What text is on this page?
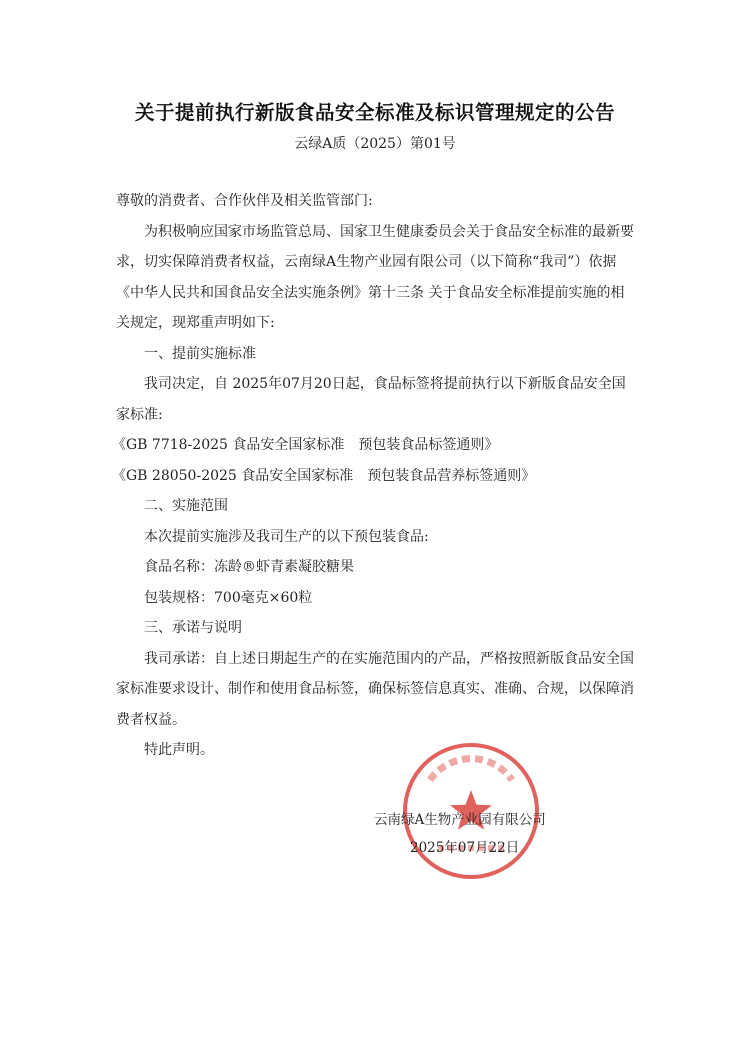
关于提前执行新版食品安全标准及标识管理规定的公告
云绿A质（2025）第01号

尊敬的消费者、合作伙伴及相关监管部门:

为积极响应国家市场监管总局、国家卫生健康委员会关于食品安全标准的最新要求，切实保障消费者权益，云南绿A生物产业园有限公司（以下简称“我司”）依据《中华人民共和国食品安全法实施条例》第十三条 关于食品安全标准提前实施的相关规定，现郑重声明如下:

一、提前实施标准

我司决定，自 2025年07月20日起，食品标签将提前执行以下新版食品安全国家标准:

《GB 7718-2025 食品安全国家标准　预包装食品标签通则》

《GB 28050-2025 食品安全国家标准　预包装食品营养标签通则》

二、实施范围

本次提前实施涉及我司生产的以下预包装食品:

食品名称：冻龄®虾青素凝胶糖果

包装规格：700毫克×60粒

三、承诺与说明

我司承诺：自上述日期起生产的在实施范围内的产品，严格按照新版食品安全国家标准要求设计、制作和使用食品标签，确保标签信息真实、准确、合规，以保障消费者权益。

特此声明。

云南绿A生物产业园有限公司
2025年07月22日
